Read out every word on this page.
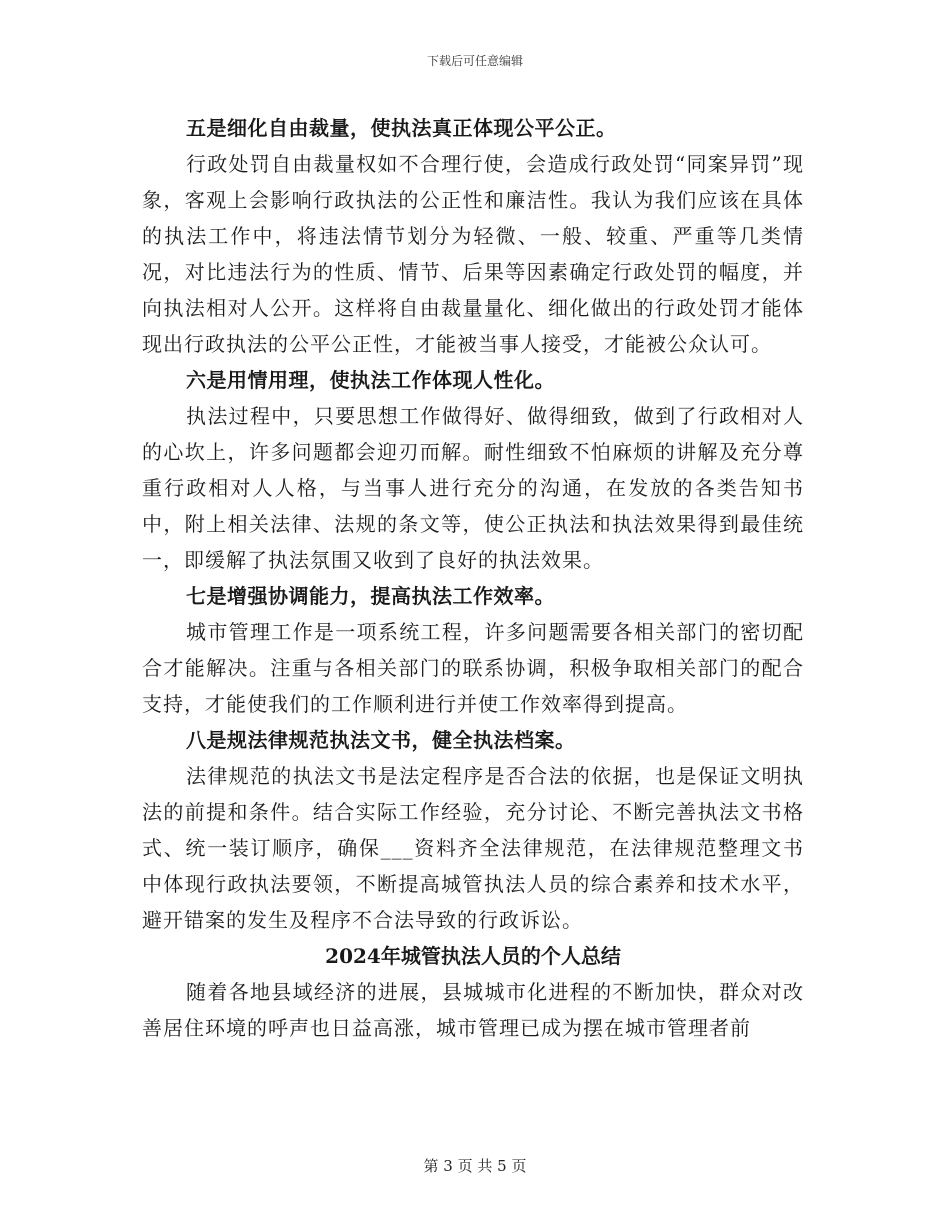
下载后可任意编辑

五是细化自由裁量，使执法真正体现公平公正。

行政处罚自由裁量权如不合理行使，会造成行政处罚“同案异罚”现象，客观上会影响行政执法的公正性和廉洁性。我认为我们应该在具体的执法工作中，将违法情节划分为轻微、一般、较重、严重等几类情况，对比违法行为的性质、情节、后果等因素确定行政处罚的幅度，并向执法相对人公开。这样将自由裁量量化、细化做出的行政处罚才能体现出行政执法的公平公正性，才能被当事人接受，才能被公众认可。

六是用情用理，使执法工作体现人性化。

执法过程中，只要思想工作做得好、做得细致，做到了行政相对人的心坎上，许多问题都会迎刃而解。耐性细致不怕麻烦的讲解及充分尊重行政相对人人格，与当事人进行充分的沟通，在发放的各类告知书中，附上相关法律、法规的条文等，使公正执法和执法效果得到最佳统一，即缓解了执法氛围又收到了良好的执法效果。

七是增强协调能力，提高执法工作效率。

城市管理工作是一项系统工程，许多问题需要各相关部门的密切配合才能解决。注重与各相关部门的联系协调，积极争取相关部门的配合支持，才能使我们的工作顺利进行并使工作效率得到提高。

八是规法律规范执法文书，健全执法档案。

法律规范的执法文书是法定程序是否合法的依据，也是保证文明执法的前提和条件。结合实际工作经验，充分讨论、不断完善执法文书格式、统一装订顺序，确保___资料齐全法律规范，在法律规范整理文书中体现行政执法要领，不断提高城管执法人员的综合素养和技术水平，避开错案的发生及程序不合法导致的行政诉讼。

2024年城管执法人员的个人总结

随着各地县域经济的进展，县城城市化进程的不断加快，群众对改善居住环境的呼声也日益高涨，城市管理已成为摆在城市管理者前

第 3 页 共 5 页
